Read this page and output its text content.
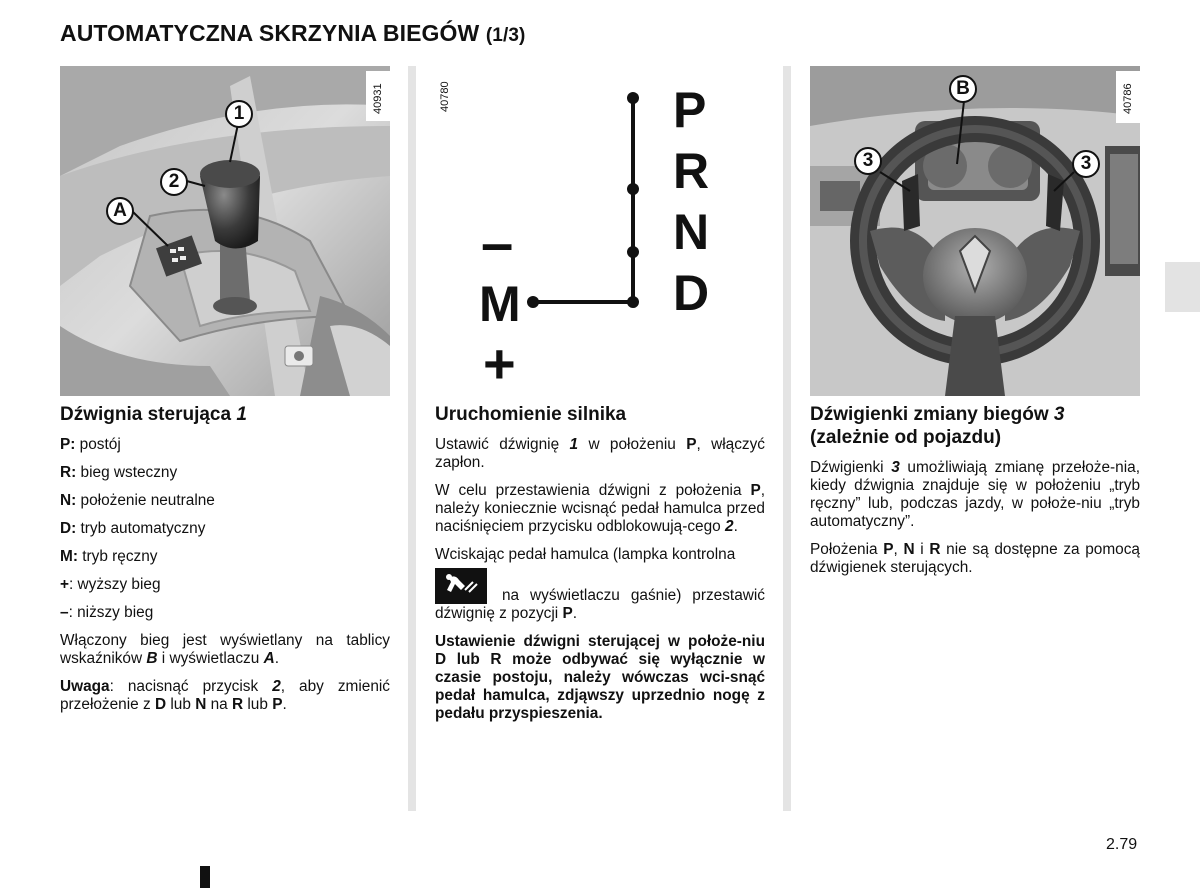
AUTOMATYCZNA SKRZYNIA BIEGÓW (1/3)
40931
1
2
A
40780	P
R
N
D
–
M
+
40786
B
3	3
Dźwignia sterująca 1

P: postój

R: bieg wsteczny

N: położenie neutralne

D: tryb automatyczny

M: tryb ręczny

+: wyższy bieg

–: niższy bieg

Włączony bieg jest wyświetlany na tablicy wskaźników B i wyświetlaczu A.

Uwaga: nacisnąć przycisk 2, aby zmienić przełożenie z D lub N na R lub P.

Uruchomienie silnika

Ustawić dźwignię 1 w położeniu P, włączyć zapłon.

W celu przestawienia dźwigni z położenia P, należy koniecznie wcisnąć pedał hamulca przed naciśnięciem przycisku odblokowują-cego 2.

Wciskając pedał hamulca (lampka kontrolna

na wyświetlaczu gaśnie) przestawić dźwignię z pozycji P.

Ustawienie dźwigni sterującej w położe-niu D lub R może odbywać się wyłącznie w czasie postoju, należy wówczas wci-snąć pedał hamulca, zdjąwszy uprzednio nogę z pedału przyspieszenia.

Dźwigienki zmiany biegów 3
(zależnie od pojazdu)

Dźwigienki 3 umożliwiają zmianę przełoże-nia, kiedy dźwignia znajduje się w położeniu „tryb ręczny” lub, podczas jazdy, w położe-niu „tryb automatyczny”.

Położenia P, N i R nie są dostępne za pomocą dźwigienek sterujących.

2.79
